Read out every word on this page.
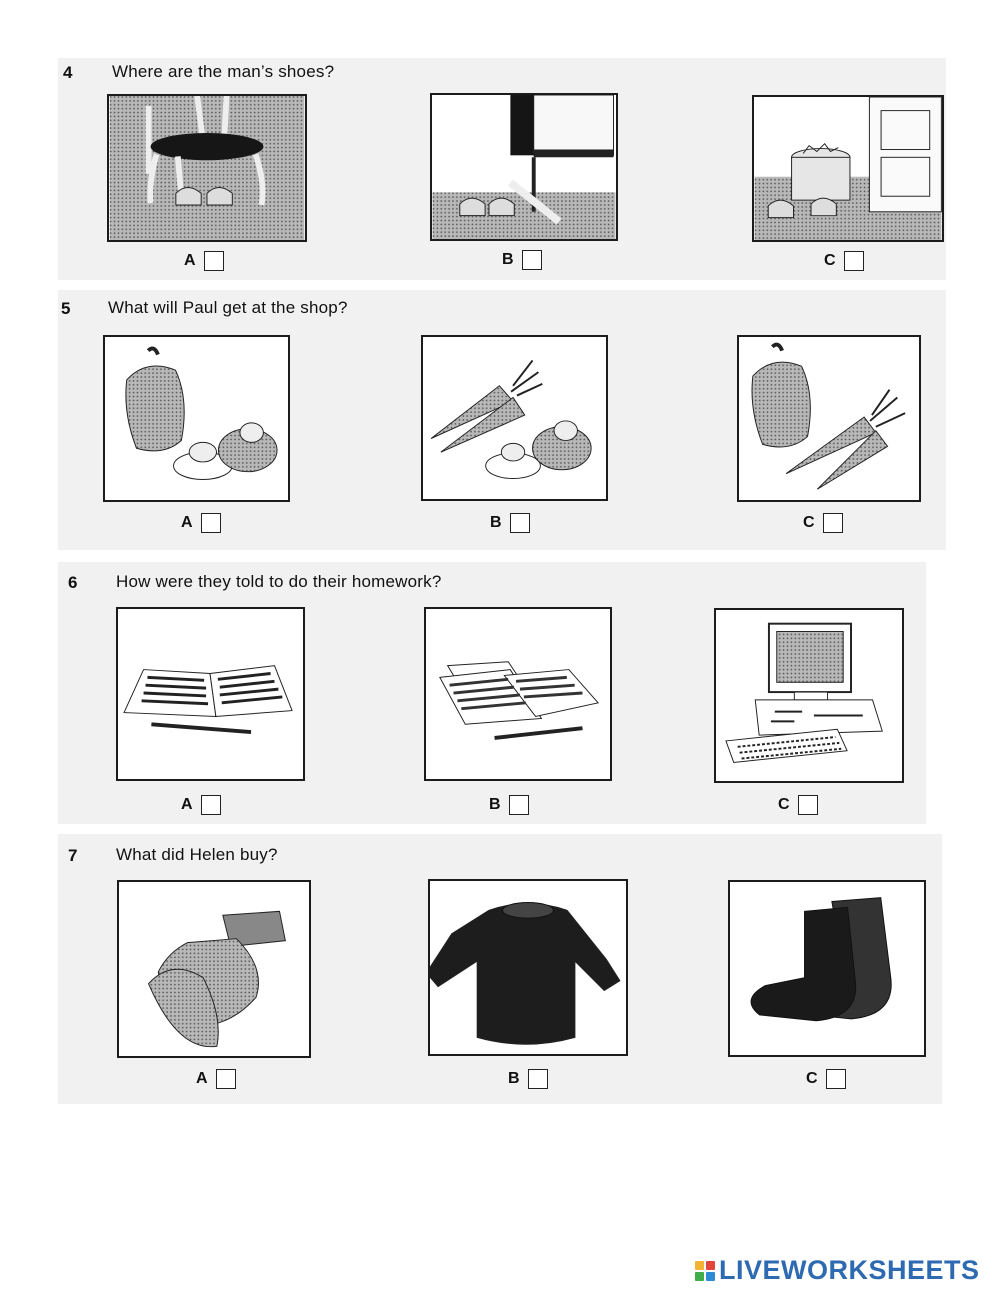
4 Where are the man’s shoes?
A	B	C
5 What will Paul get at the shop?
A	B	C
6 How were they told to do their homework?
A	B	C
7 What did Helen buy?
A	B	C
LIVEWORKSHEETS
